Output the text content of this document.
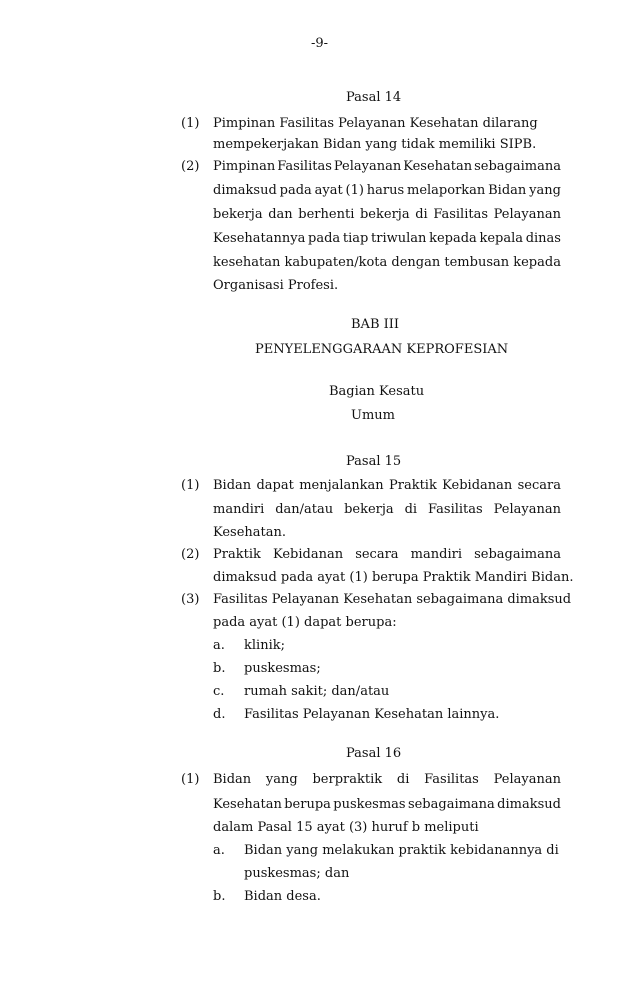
-9-
Pasal 14
(1) Pimpinan Fasilitas Pelayanan Kesehatan dilarang
mempekerjakan Bidan yang tidak memiliki SIPB.
(2) Pimpinan Fasilitas Pelayanan Kesehatan sebagaimana
dimaksud pada ayat (1) harus melaporkan Bidan yang
bekerja dan berhenti bekerja di Fasilitas Pelayanan
Kesehatannya pada tiap triwulan kepada kepala dinas
kesehatan kabupaten/kota dengan tembusan kepada
Organisasi Profesi.
BAB III
PENYELENGGARAAN KEPROFESIAN
Bagian Kesatu
Umum
Pasal 15
(1) Bidan dapat menjalankan Praktik Kebidanan secara
mandiri dan/atau bekerja di Fasilitas Pelayanan
Kesehatan.
(2) Praktik Kebidanan secara mandiri sebagaimana
dimaksud pada ayat (1) berupa Praktik Mandiri Bidan.
(3) Fasilitas Pelayanan Kesehatan sebagaimana dimaksud
pada ayat (1) dapat berupa:
a. klinik;
b. puskesmas;
c. rumah sakit; dan/atau
d. Fasilitas Pelayanan Kesehatan lainnya.
Pasal 16
(1) Bidan yang berpraktik di Fasilitas Pelayanan
Kesehatan berupa puskesmas sebagaimana dimaksud
dalam Pasal 15 ayat (3) huruf b meliputi
a. Bidan yang melakukan praktik kebidanannya di
puskesmas; dan
b. Bidan desa.
